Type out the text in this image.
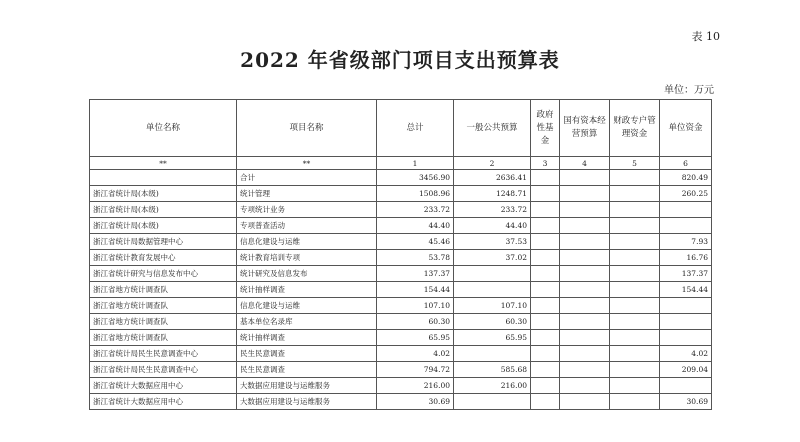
表 10
2022 年省级部门项目支出预算表
单位：万元
单位名称	项目名称	总计	一般公共预算	政府性基金	国有资本经营预算	财政专户管理资金	单位资金
**	**	1	2	3	4	5	6
	合计	3456.90	2636.41				820.49
浙江省统计局(本级)	统计管理	1508.96	1248.71				260.25
浙江省统计局(本级)	专项统计业务	233.72	233.72				
浙江省统计局(本级)	专项普查活动	44.40	44.40				
浙江省统计局数据管理中心	信息化建设与运维	45.46	37.53				7.93
浙江省统计教育发展中心	统计教育培训专项	53.78	37.02				16.76
浙江省统计研究与信息发布中心	统计研究及信息发布	137.37					137.37
浙江省地方统计调查队	统计抽样调查	154.44					154.44
浙江省地方统计调查队	信息化建设与运维	107.10	107.10				
浙江省地方统计调查队	基本单位名录库	60.30	60.30				
浙江省地方统计调查队	统计抽样调查	65.95	65.95				
浙江省统计局民生民意调查中心	民生民意调查	4.02					4.02
浙江省统计局民生民意调查中心	民生民意调查	794.72	585.68				209.04
浙江省统计大数据应用中心	大数据应用建设与运维服务	216.00	216.00				
浙江省统计大数据应用中心	大数据应用建设与运维服务	30.69					30.69
